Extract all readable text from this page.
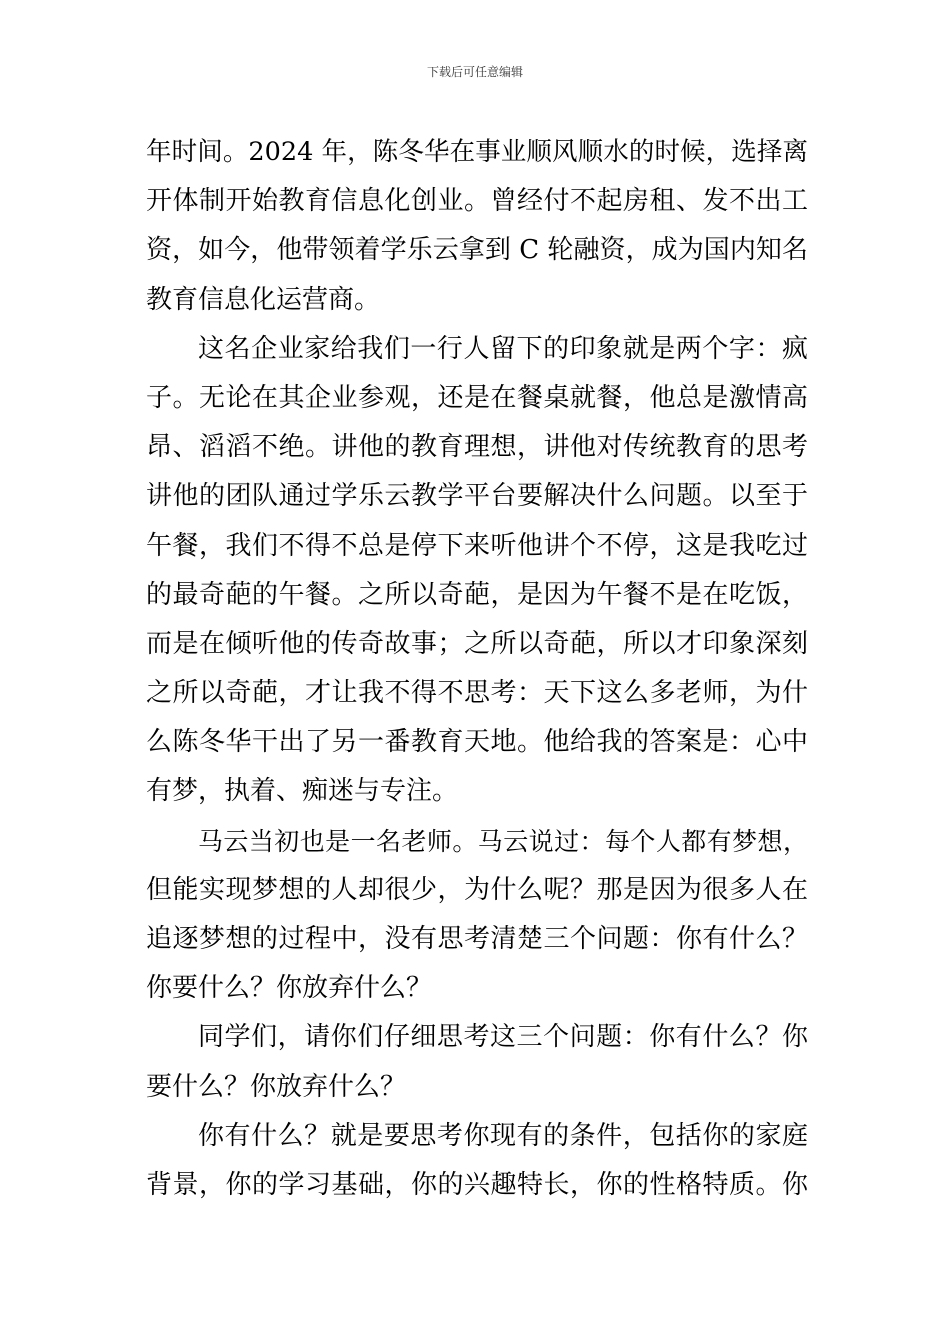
下载后可任意编辑
年时间。2024 年，陈冬华在事业顺风顺水的时候，选择离
开体制开始教育信息化创业。曾经付不起房租、发不出工
资，如今，他带领着学乐云拿到 C 轮融资，成为国内知名
教育信息化运营商。
这名企业家给我们一行人留下的印象就是两个字：疯
子。无论在其企业参观，还是在餐桌就餐，他总是激情高
昂、滔滔不绝。讲他的教育理想，讲他对传统教育的思考
讲他的团队通过学乐云教学平台要解决什么问题。以至于
午餐，我们不得不总是停下来听他讲个不停，这是我吃过
的最奇葩的午餐。之所以奇葩，是因为午餐不是在吃饭，
而是在倾听他的传奇故事；之所以奇葩，所以才印象深刻
之所以奇葩，才让我不得不思考：天下这么多老师，为什
么陈冬华干出了另一番教育天地。他给我的答案是：心中
有梦，执着、痴迷与专注。
马云当初也是一名老师。马云说过：每个人都有梦想，
但能实现梦想的人却很少，为什么呢？那是因为很多人在
追逐梦想的过程中，没有思考清楚三个问题：你有什么？
你要什么？你放弃什么？
同学们，请你们仔细思考这三个问题：你有什么？你
要什么？你放弃什么？
你有什么？就是要思考你现有的条件，包括你的家庭
背景，你的学习基础，你的兴趣特长，你的性格特质。你
